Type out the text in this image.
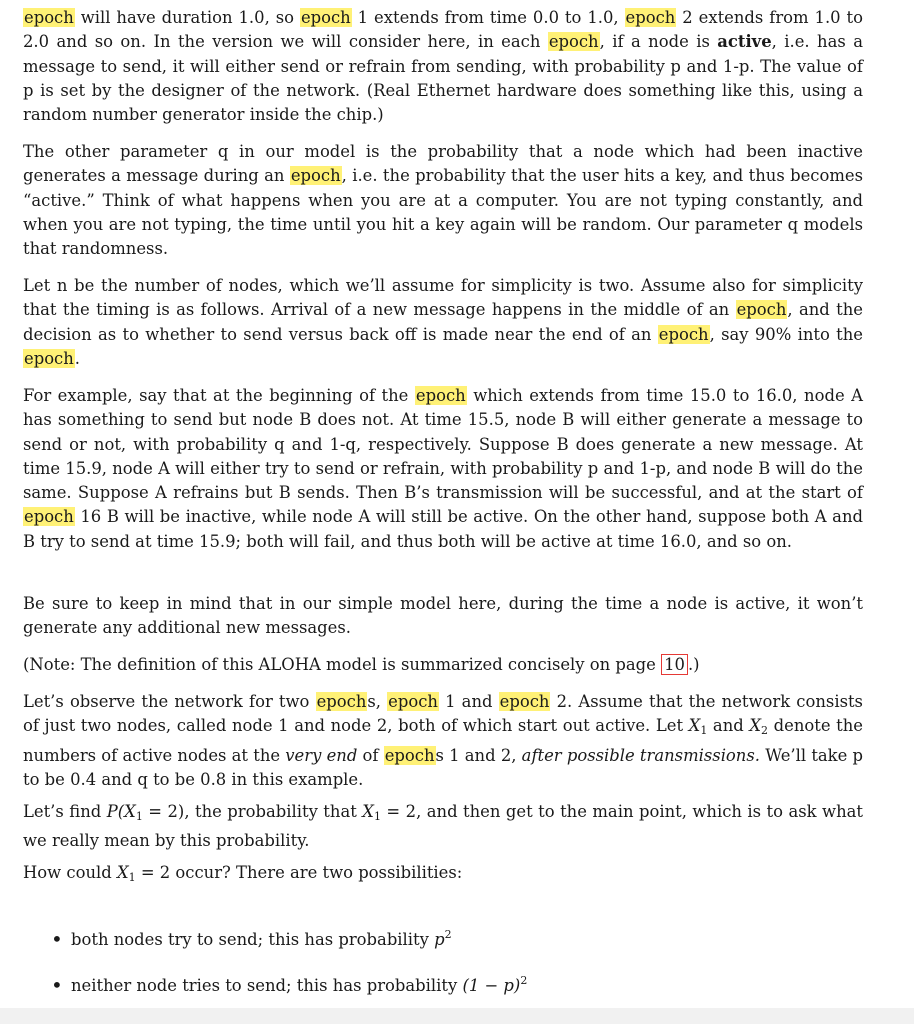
epoch will have duration 1.0, so epoch 1 extends from time 0.0 to 1.0, epoch 2 extends from 1.0 to 2.0 and so on. In the version we will consider here, in each epoch, if a node is active, i.e. has a message to send, it will either send or refrain from sending, with probability p and 1-p. The value of p is set by the designer of the network. (Real Ethernet hardware does something like this, using a random number generator inside the chip.)

The other parameter q in our model is the probability that a node which had been inactive generates a message during an epoch, i.e. the probability that the user hits a key, and thus becomes “active.” Think of what happens when you are at a computer. You are not typing constantly, and when you are not typing, the time until you hit a key again will be random. Our parameter q models that randomness.

Let n be the number of nodes, which we’ll assume for simplicity is two. Assume also for simplicity that the timing is as follows. Arrival of a new message happens in the middle of an epoch, and the decision as to whether to send versus back off is made near the end of an epoch, say 90% into the epoch.

For example, say that at the beginning of the epoch which extends from time 15.0 to 16.0, node A has something to send but node B does not. At time 15.5, node B will either generate a message to send or not, with probability q and 1-q, respectively. Suppose B does generate a new message. At time 15.9, node A will either try to send or refrain, with probability p and 1-p, and node B will do the same. Suppose A refrains but B sends. Then B’s transmission will be successful, and at the start of epoch 16 B will be inactive, while node A will still be active. On the other hand, suppose both A and B try to send at time 15.9; both will fail, and thus both will be active at time 16.0, and so on.

Be sure to keep in mind that in our simple model here, during the time a node is active, it won’t generate any additional new messages.

(Note: The definition of this ALOHA model is summarized concisely on page 10 .)

Let’s observe the network for two epochs, epoch 1 and epoch 2. Assume that the network consists of just two nodes, called node 1 and node 2, both of which start out active. Let $X_1$ and $X_2$ denote the numbers of active nodes at the very end of epochs 1 and 2, after possible transmissions. We’ll take p to be 0.4 and q to be 0.8 in this example.

Let’s find $P(X_1 = 2)$, the probability that $X_1 = 2$, and then get to the main point, which is to ask what we really mean by this probability.

How could $X_1 = 2$ occur? There are two possibilities:

• both nodes try to send; this has probability $p^2$
• neither node tries to send; this has probability $(1 - p)^2$
